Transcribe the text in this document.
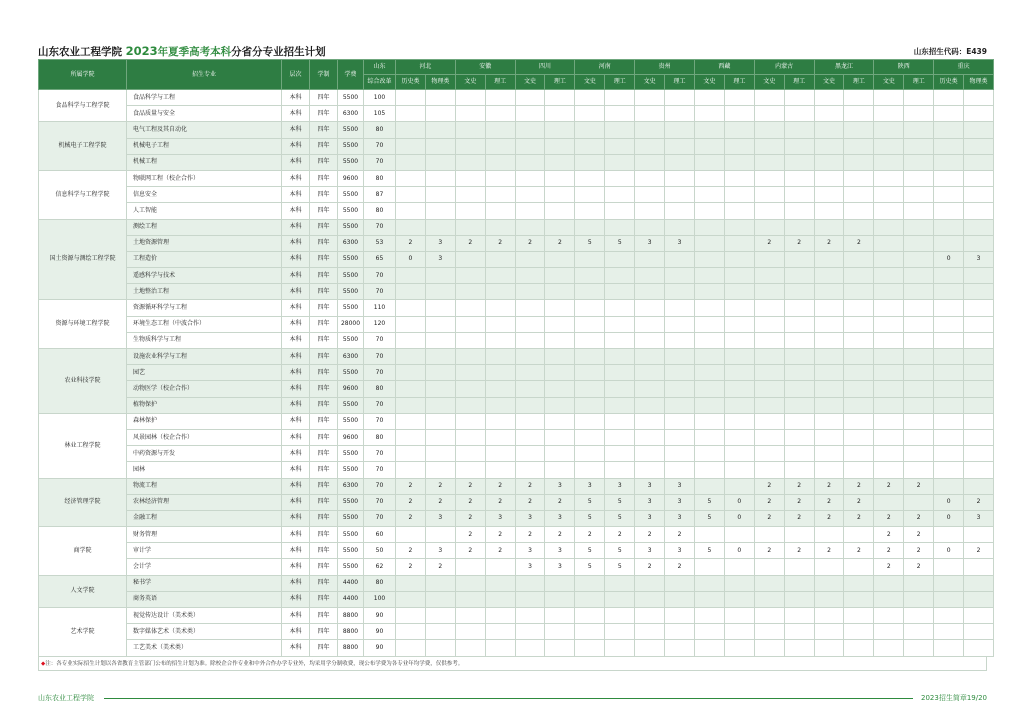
山东农业工程学院 2023年夏季高考本科分省分专业招生计划	山东招生代码：E439
所属学院	招生专业	层次	学制	学费	山东	河北		安徽		四川		河南		贵州		西藏		内蒙古		黑龙江		陕西		重庆	
					综合改革	历史类	物理类	文史	理工	文史	理工	文史	理工	文史	理工	文史	理工	文史	理工	文史	理工	文史	理工	历史类	物理类
食品科学与工程学院	食品科学与工程	本科	四年	5500	100																				
	食品质量与安全	本科	四年	6300	105																				
机械电子工程学院	电气工程及其自动化	本科	四年	5500	80																				
	机械电子工程	本科	四年	5500	70																				
	机械工程	本科	四年	5500	70																				
信息科学与工程学院	物联网工程（校企合作）	本科	四年	9600	80																				
	信息安全	本科	四年	5500	87																				
	人工智能	本科	四年	5500	80																				
国土资源与测绘工程学院	测绘工程	本科	四年	5500	70																				
	土地资源管理	本科	四年	6300	53	2	3	2	2	2	2	5	5	3	3			2	2	2	2				
	工程造价	本科	四年	5500	65	0	3																	0	3
	遥感科学与技术	本科	四年	5500	70																				
	土地整治工程	本科	四年	5500	70																				
资源与环境工程学院	资源循环科学与工程	本科	四年	5500	110																				
	环境生态工程（中波合作）	本科	四年	28000	120																				
	生物质科学与工程	本科	四年	5500	70																				
农业科技学院	设施农业科学与工程	本科	四年	6300	70																				
	园艺	本科	四年	5500	70																				
	动物医学（校企合作）	本科	四年	9600	80																				
	植物保护	本科	四年	5500	70																				
林业工程学院	森林保护	本科	四年	5500	70																				
	风景园林（校企合作）	本科	四年	9600	80																				
	中药资源与开发	本科	四年	5500	70																				
	园林	本科	四年	5500	70																				
经济管理学院	物流工程	本科	四年	6300	70	2	2	2	2	2	3	3	3	3	3			2	2	2	2	2	2		
	农林经济管理	本科	四年	5500	70	2	2	2	2	2	2	5	5	3	3	5	0	2	2	2	2			0	2
	金融工程	本科	四年	5500	70	2	3	2	3	3	3	5	5	3	3	5	0	2	2	2	2	2	2	0	3
商学院	财务管理	本科	四年	5500	60			2	2	2	2	2	2	2	2							2	2		
	审计学	本科	四年	5500	50	2	3	2	2	3	3	5	5	3	3	5	0	2	2	2	2	2	2	0	2
	会计学	本科	四年	5500	62	2	2			3	3	5	5	2	2							2	2		
人文学院	秘书学	本科	四年	4400	80																				
	商务英语	本科	四年	4400	100																				
艺术学院	视觉传达设计（美术类）	本科	四年	8800	90																				
	数字媒体艺术（美术类）	本科	四年	8800	90																				
	工艺美术（美术类）	本科	四年	8800	90																				
◆注：各专业实际招生计划以各省教育主管部门公布的招生计划为准。除校企合作专业和中外合作办学专业外，均采用学分制收费，现公布学费为各专业年均学费，仅供参考。
山东农业工程学院	2023招生简章19/20
